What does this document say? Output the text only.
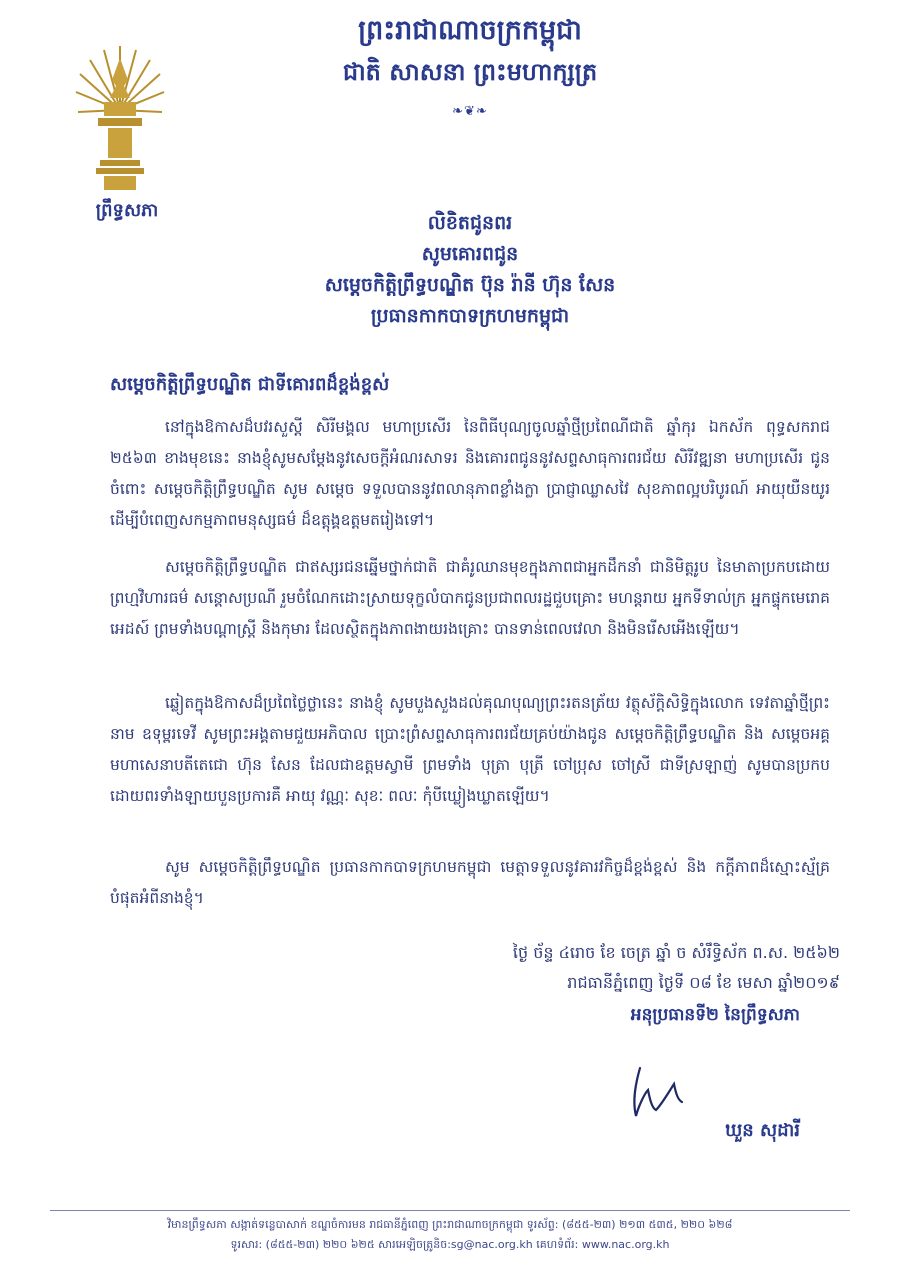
ព្រះរាជាណាចក្រកម្ពុជា
ជាតិ សាសនា ព្រះមហាក្សត្រ
❧❦❧
ព្រឹទ្ធសភា
លិខិតជូនពរ
សូមគោរពជូន
សម្ដេចកិត្តិព្រឹទ្ធបណ្ឌិត ប៊ុន រ៉ានី ហ៊ុន សែន
ប្រធានកាកបាទក្រហមកម្ពុជា
សម្ដេចកិត្តិព្រឹទ្ធបណ្ឌិត ជាទីគោរពដ៏ខ្ពង់ខ្ពស់
នៅក្នុងឱកាសដ៏បវរសួស្ដី សិរីមង្គល មហាប្រសើរ នៃពិធីបុណ្យចូលឆ្នាំថ្មីប្រពៃណីជាតិ ឆ្នាំកុរ ឯកស័ក ពុទ្ធសករាជ ២៥៦៣ ខាងមុខនេះ នាងខ្ញុំសូមសម្ដែងនូវសេចក្ដីអំណរសាទរ និងគោរពជូននូវសព្ទសាធុការពរជ័យ សិរីវឌ្ឍនា មហាប្រសើរ ជូនចំពោះ សម្ដេចកិត្តិព្រឹទ្ធបណ្ឌិត សូម សម្ដេច ទទួលបាននូវពលានុភាពខ្លាំងក្លា ប្រាជ្ញាឈ្លាសវៃ សុខភាពល្អបរិបូរណ៍ អាយុយឺនយូរ ដើម្បីបំពេញសកម្មភាពមនុស្សធម៌ ដ៏ឧត្ដុង្គឧត្ដមតរៀងទៅ។
សម្ដេចកិត្តិព្រឹទ្ធបណ្ឌិត ជាឥស្សរជនឆ្នើមថ្នាក់ជាតិ ជាគំរូឈានមុខក្នុងភាពជាអ្នកដឹកនាំ ជានិមិត្តរូប នៃមាតាប្រកបដោយព្រហ្មវិហារធម៌ សន្ដោសប្រណី រួមចំណែកដោះស្រាយទុក្ខលំបាកជូនប្រជាពលរដ្ឋជួបគ្រោះ មហន្ដរាយ អ្នកទីទាល់ក្រ អ្នកផ្ទុកមេរោគអេដស៍ ព្រមទាំងបណ្ដាស្ត្រី និងកុមារ ដែលស្ថិតក្នុងភាពងាយរងគ្រោះ បានទាន់ពេលវេលា និងមិនរើសអើងឡើយ។
ឆ្លៀតក្នុងឱកាសដ៏ប្រពៃថ្លៃថ្លានេះ នាងខ្ញុំ សូមបួងសួងដល់គុណបុណ្យព្រះរតនត្រ័យ វត្ថុស័ក្ដិសិទ្ធិក្នុងលោក ទេវតាឆ្នាំថ្មីព្រះនាម ឧទុម្ពរទេវី សូមព្រះអង្គតាមជួយអភិបាល ប្រោះព្រំសព្ទសាធុការពរជ័យគ្រប់យ៉ាងជូន សម្ដេចកិត្តិព្រឹទ្ធបណ្ឌិត និង សម្ដេចអគ្គមហាសេនាបតីតេជោ ហ៊ុន សែន ដែលជាឧត្ដមស្វាមី ព្រមទាំង បុត្រា បុត្រី ចៅប្រុស ចៅស្រី ជាទីស្រឡាញ់ សូមបានប្រកបដោយពរទាំងឡាយបួនប្រការគឺ អាយុ វណ្ណៈ សុខៈ ពលៈ កុំបីឃ្លៀងឃ្លាតឡើយ។
សូម សម្ដេចកិត្តិព្រឹទ្ធបណ្ឌិត ប្រធានកាកបាទក្រហមកម្ពុជា មេត្តាទទួលនូវគារវកិច្ចដ៏ខ្ពង់ខ្ពស់ និង កក្ដីភាពដ៏ស្មោះស្ម័គ្របំផុតអំពីនាងខ្ញុំ។
ថ្ងៃ ច័ន្ទ ៤រោច ខែ ចេត្រ ឆ្នាំ ច សំរឹទ្ធិស័ក ព.ស. ២៥៦២
រាជធានីភ្នំពេញ ថ្ងៃទី ០៨ ខែ មេសា ឆ្នាំ២០១៩
អនុប្រធានទី២ នៃព្រឹទ្ធសភា
ឃួន សុដារី
វិមានព្រឹទ្ធសភា សង្កាត់ទន្លេបាសាក់ ខណ្ឌចំការមន រាជធានីភ្នំពេញ ព្រះរាជាណាចក្រកម្ពុជា ទូរស័ព្ទ: (៨៥៥-២៣) ២១៣ ៥៣៥, ២២០ ៦២៨
ទូរសារ: (៨៥៥-២៣) ២២០ ៦២៥ សារអេឡិចត្រូនិច:sg@nac.org.kh គេហទំព័រ: www.nac.org.kh
